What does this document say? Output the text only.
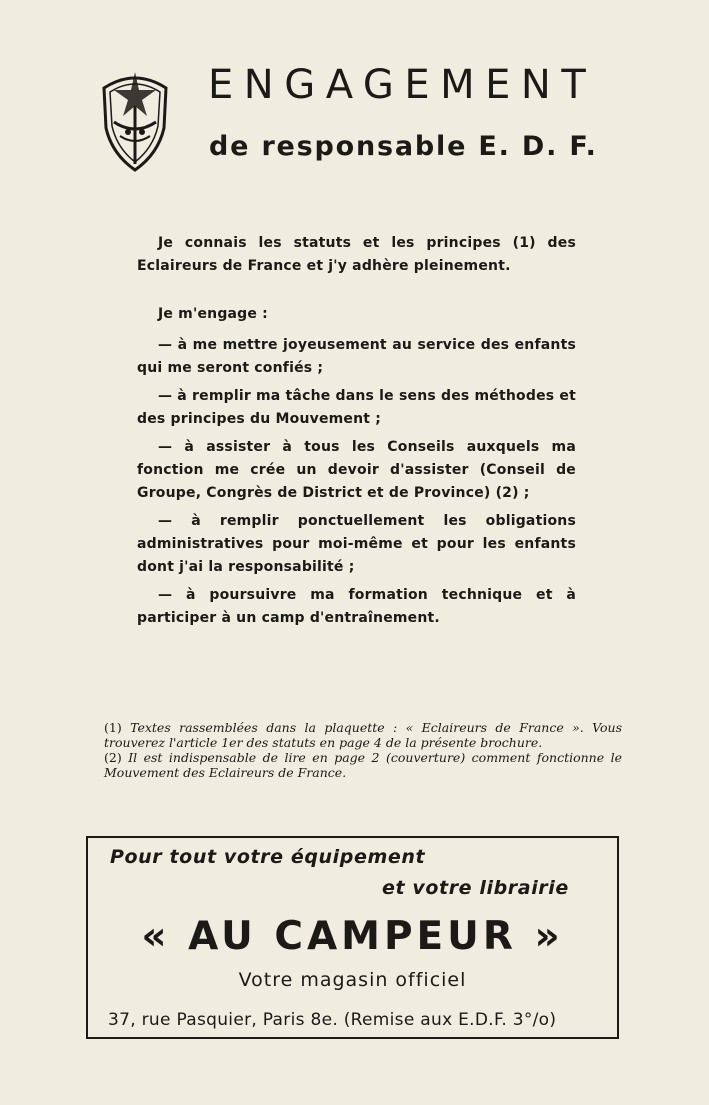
ENGAGEMENT
de responsable E. D. F.

Je connais les statuts et les principes (1) des Eclaireurs de France et j'y adhère pleinement.

Je m'engage :

— à me mettre joyeusement au service des enfants qui me seront confiés ;

— à remplir ma tâche dans le sens des méthodes et des principes du Mouvement ;

— à assister à tous les Conseils auxquels ma fonction me crée un devoir d'assister (Conseil de Groupe, Congrès de District et de Province) (2) ;

— à remplir ponctuellement les obligations administratives pour moi-même et pour les enfants dont j'ai la responsabilité ;

— à poursuivre ma formation technique et à participer à un camp d'entraînement.

(1) Textes rassemblées dans la plaquette : « Eclaireurs de France ». Vous trouverez l'article 1er des statuts en page 4 de la présente brochure.

(2) Il est indispensable de lire en page 2 (couverture) comment fonctionne le Mouvement des Eclaireurs de France.

Pour tout votre équipement
et votre librairie
« AU CAMPEUR »
Votre magasin officiel
37, rue Pasquier, Paris 8e. (Remise aux E.D.F. 3°/o)
